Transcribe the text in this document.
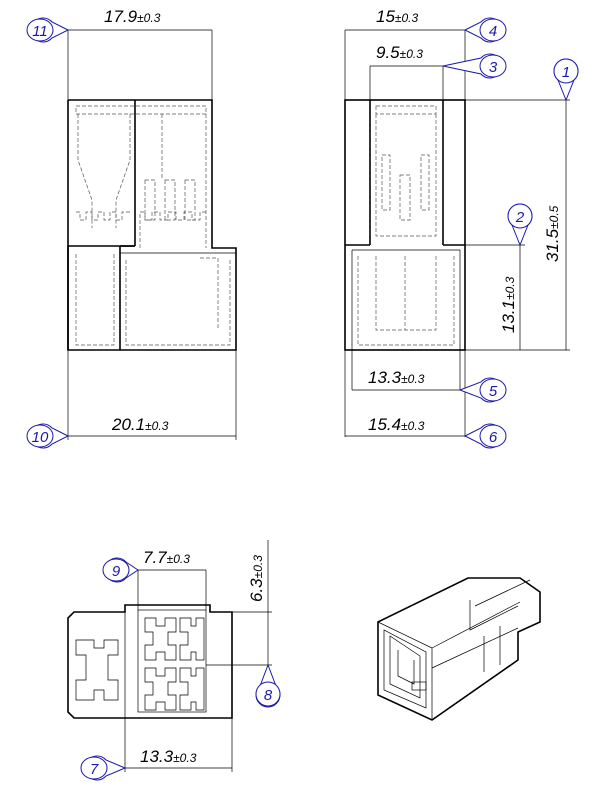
17.9±0.3
20.1±0.3
15±0.3
9.5±0.3
31.5±0.5
13.1±0.3
13.3±0.3
15.4±0.3
7.7±0.3
6.3±0.3
13.3±0.3
11
10
4
3	1
2
5
6
9
8
7
